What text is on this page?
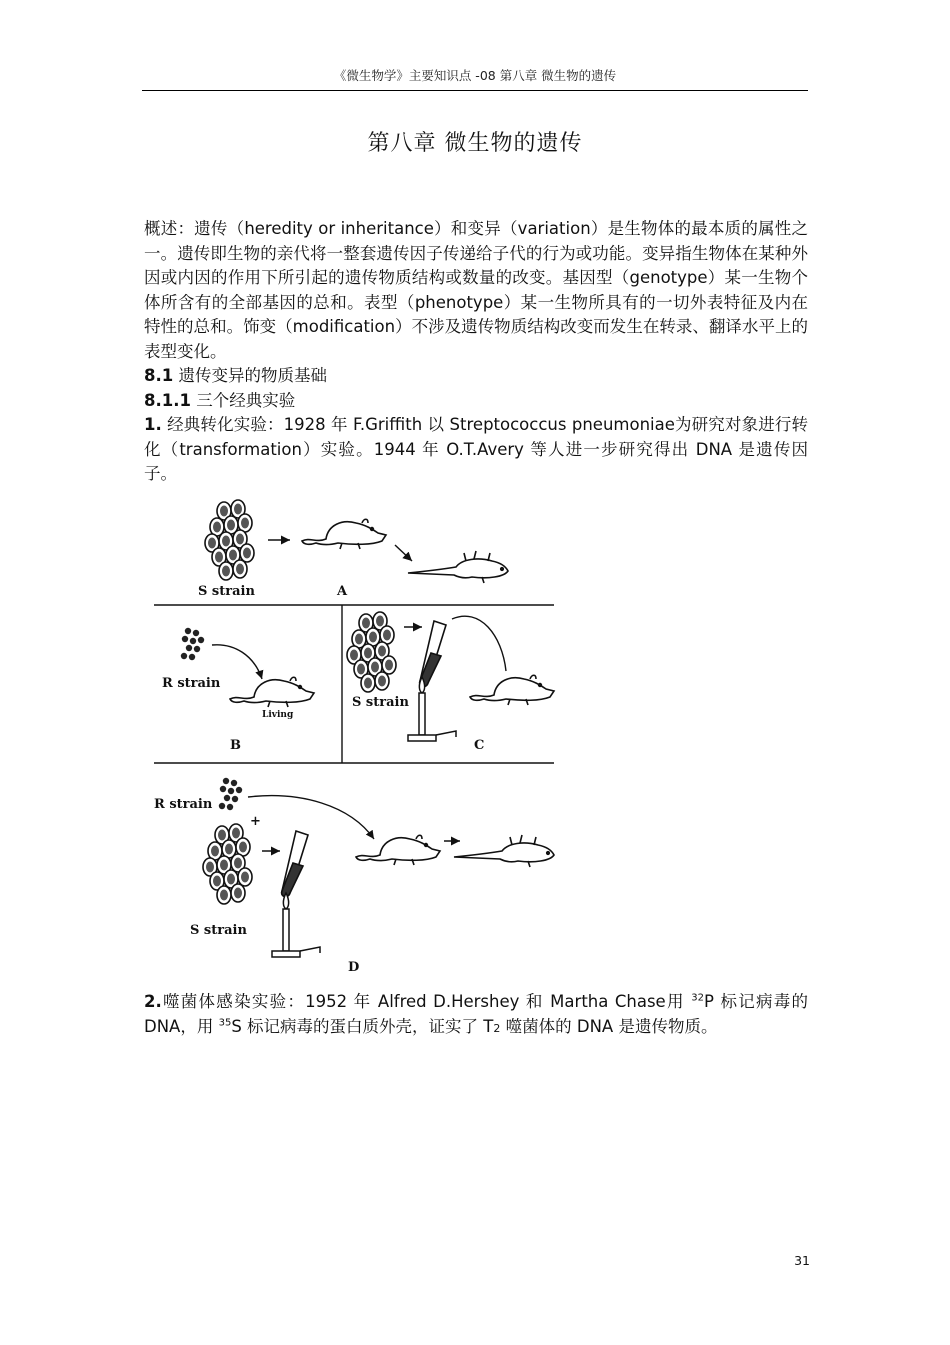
《微生物学》主要知识点 -08 第八章 微生物的遗传
第八章 微生物的遗传
概述：遗传（heredity or inheritance）和变异（variation）是生物体的最本质的属性之一。遗传即生物的亲代将一整套遗传因子传递给子代的行为或功能。变异指生物体在某种外因或内因的作用下所引起的遗传物质结构或数量的改变。基因型（genotype）某一生物个体所含有的全部基因的总和。表型（phenotype）某一生物所具有的一切外表特征及内在特性的总和。饰变（modification）不涉及遗传物质结构改变而发生在转录、翻译水平上的表型变化。
8.1 遗传变异的物质基础
8.1.1 三个经典实验
1. 经典转化实验：1928 年 F.Griffith 以 Streptococcus pneumoniae为研究对象进行转化（transformation）实验。1944 年 O.T.Avery 等人进一步研究得出 DNA 是遗传因子。
S strain	A
R strain
Living
B
S strain
C
R strain
+
S strain
D
2.噬菌体感染实验：1952 年 Alfred D.Hershey 和 Martha Chase用 $^{32}$P 标记病毒的 DNA，用 $^{35}$S 标记病毒的蛋白质外壳，证实了 T2 噬菌体的 DNA 是遗传物质。
31
